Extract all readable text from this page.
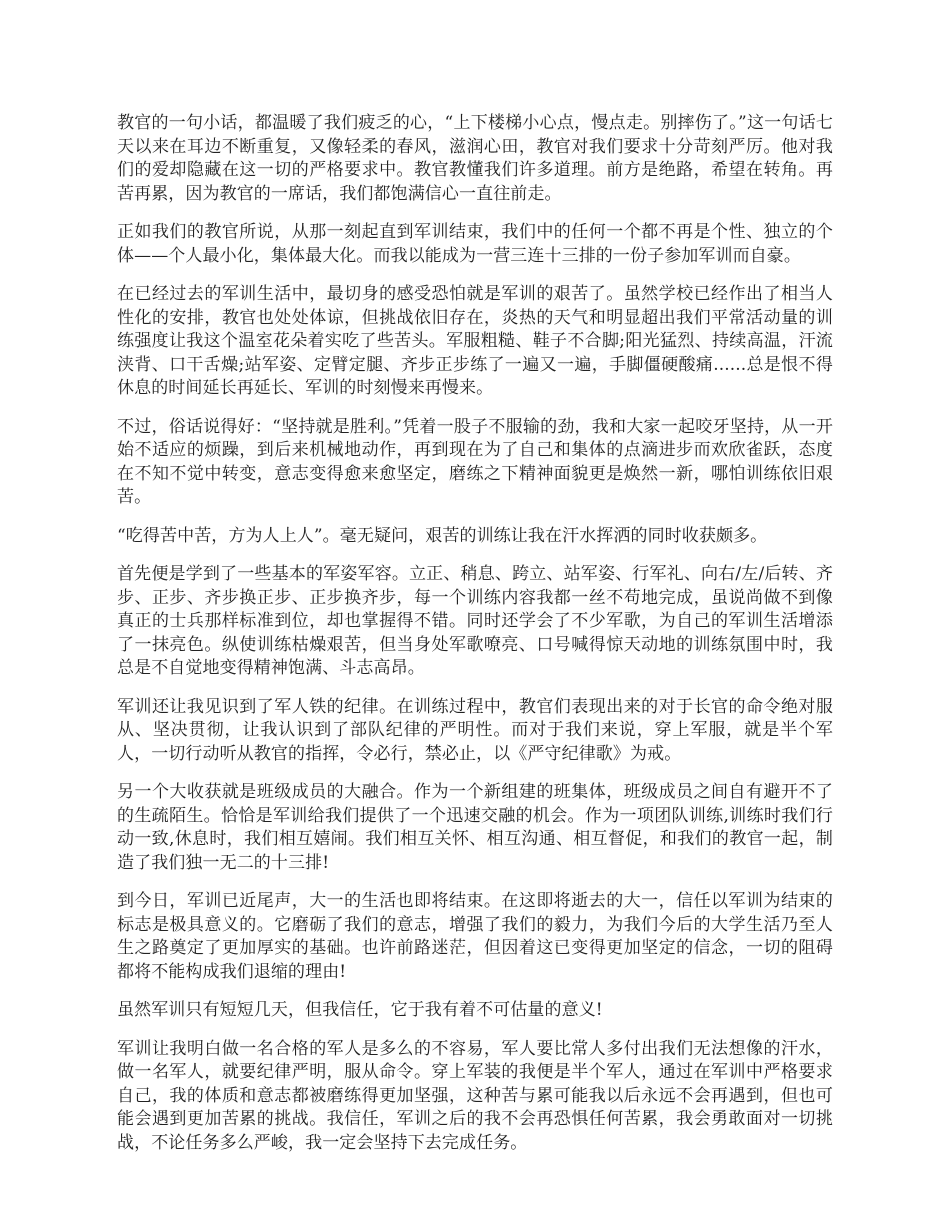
教官的一句小话，都温暖了我们疲乏的心，“上下楼梯小心点，慢点走。别摔伤了。”这一句话七天以来在耳边不断重复，又像轻柔的春风，滋润心田，教官对我们要求十分苛刻严厉。他对我们的爱却隐藏在这一切的严格要求中。教官教懂我们许多道理。前方是绝路，希望在转角。再苦再累，因为教官的一席话，我们都饱满信心一直往前走。

正如我们的教官所说，从那一刻起直到军训结束，我们中的任何一个都不再是个性、独立的个体——个人最小化，集体最大化。而我以能成为一营三连十三排的一份子参加军训而自豪。

在已经过去的军训生活中，最切身的感受恐怕就是军训的艰苦了。虽然学校已经作出了相当人性化的安排，教官也处处体谅，但挑战依旧存在，炎热的天气和明显超出我们平常活动量的训练强度让我这个温室花朵着实吃了些苦头。军服粗糙、鞋子不合脚;阳光猛烈、持续高温，汗流浃背、口干舌燥;站军姿、定臂定腿、齐步正步练了一遍又一遍，手脚僵硬酸痛......总是恨不得休息的时间延长再延长、军训的时刻慢来再慢来。

不过，俗话说得好：“坚持就是胜利。”凭着一股子不服输的劲，我和大家一起咬牙坚持，从一开始不适应的烦躁，到后来机械地动作，再到现在为了自己和集体的点滴进步而欢欣雀跃，态度在不知不觉中转变，意志变得愈来愈坚定，磨练之下精神面貌更是焕然一新，哪怕训练依旧艰苦。

“吃得苦中苦，方为人上人”。毫无疑问，艰苦的训练让我在汗水挥洒的同时收获颇多。

首先便是学到了一些基本的军姿军容。立正、稍息、跨立、站军姿、行军礼、向右/左/后转、齐步、正步、齐步换正步、正步换齐步，每一个训练内容我都一丝不苟地完成，虽说尚做不到像真正的士兵那样标准到位，却也掌握得不错。同时还学会了不少军歌，为自己的军训生活增添了一抹亮色。纵使训练枯燥艰苦，但当身处军歌嘹亮、口号喊得惊天动地的训练氛围中时，我总是不自觉地变得精神饱满、斗志高昂。

军训还让我见识到了军人铁的纪律。在训练过程中，教官们表现出来的对于长官的命令绝对服从、坚决贯彻，让我认识到了部队纪律的严明性。而对于我们来说，穿上军服，就是半个军人，一切行动听从教官的指挥，令必行，禁必止，以《严守纪律歌》为戒。

另一个大收获就是班级成员的大融合。作为一个新组建的班集体，班级成员之间自有避开不了的生疏陌生。恰恰是军训给我们提供了一个迅速交融的机会。作为一项团队训练,训练时我们行动一致,休息时，我们相互嬉闹。我们相互关怀、相互沟通、相互督促，和我们的教官一起，制造了我们独一无二的十三排!

到今日，军训已近尾声，大一的生活也即将结束。在这即将逝去的大一，信任以军训为结束的标志是极具意义的。它磨砺了我们的意志，增强了我们的毅力，为我们今后的大学生活乃至人生之路奠定了更加厚实的基础。也许前路迷茫，但因着这已变得更加坚定的信念，一切的阻碍都将不能构成我们退缩的理由!

虽然军训只有短短几天，但我信任，它于我有着不可估量的意义!

军训让我明白做一名合格的军人是多么的不容易，军人要比常人多付出我们无法想像的汗水，做一名军人，就要纪律严明，服从命令。穿上军装的我便是半个军人，通过在军训中严格要求自己，我的体质和意志都被磨练得更加坚强，这种苦与累可能我以后永远不会再遇到，但也可能会遇到更加苦累的挑战。我信任，军训之后的我不会再恐惧任何苦累，我会勇敢面对一切挑战，不论任务多么严峻，我一定会坚持下去完成任务。
